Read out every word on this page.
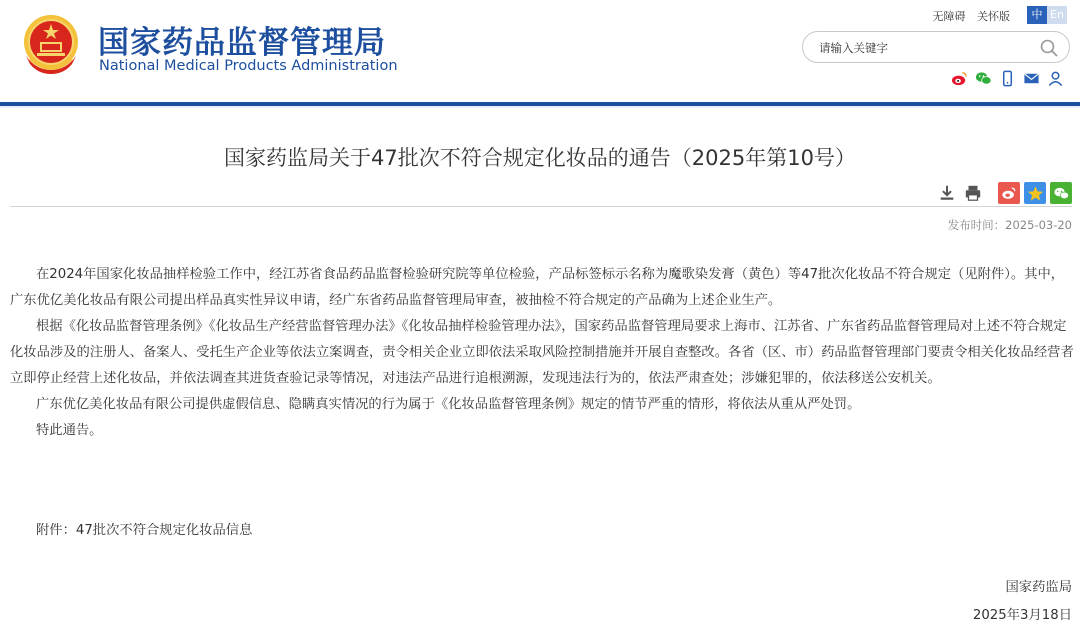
国家药品监督管理局
National Medical Products Administration
无障碍 关怀版	中 En
请输入关键字
国家药监局关于47批次不符合规定化妆品的通告（2025年第10号）
发布时间：2025-03-20

在2024年国家化妆品抽样检验工作中，经江苏省食品药品监督检验研究院等单位检验，产品标签标示名称为魔歌染发膏（黄色）等47批次化妆品不符合规定（见附件）。其中，广东优亿美化妆品有限公司提出样品真实性异议申请，经广东省药品监督管理局审查，被抽检不符合规定的产品确为上述企业生产。

根据《化妆品监督管理条例》《化妆品生产经营监督管理办法》《化妆品抽样检验管理办法》，国家药品监督管理局要求上海市、江苏省、广东省药品监督管理局对上述不符合规定化妆品涉及的注册人、备案人、受托生产企业等依法立案调查，责令相关企业立即依法采取风险控制措施并开展自查整改。各省（区、市）药品监督管理部门要责令相关化妆品经营者立即停止经营上述化妆品，并依法调查其进货查验记录等情况，对违法产品进行追根溯源，发现违法行为的，依法严肃查处；涉嫌犯罪的，依法移送公安机关。

广东优亿美化妆品有限公司提供虚假信息、隐瞒真实情况的行为属于《化妆品监督管理条例》规定的情节严重的情形，将依法从重从严处罚。

特此通告。

附件：47批次不符合规定化妆品信息
国家药监局
2025年3月18日
